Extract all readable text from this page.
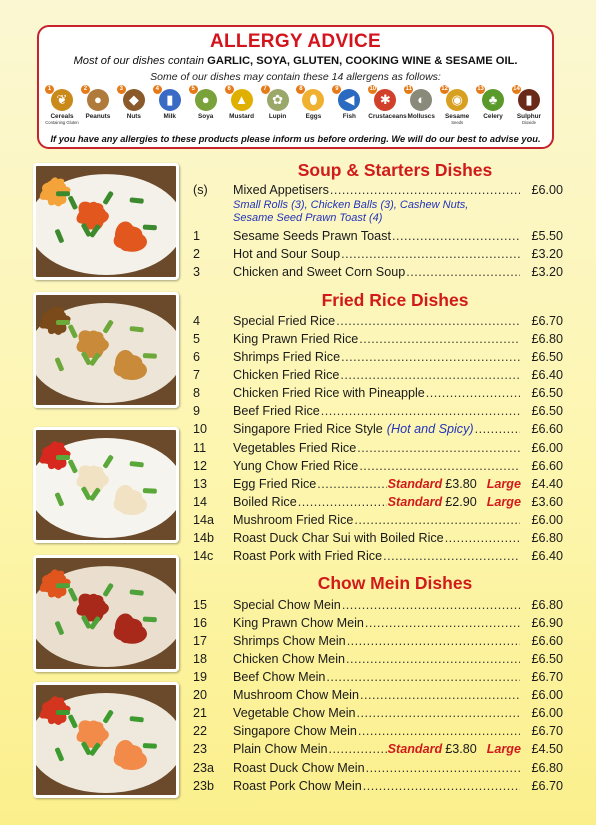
ALLERGY ADVICE
Most of our dishes contain GARLIC, SOYA, GLUTEN, COOKING WINE & SESAME OIL.
Some of our dishes may contain these 14 allergens as follows:
1
❦
Cereals
Containing Gluten
2
●
Peanuts
3
◆
Nuts
4
▮
Milk
5
●
Soya
6
▲
Mustard
7
✿
Lupin
8
⬮
Eggs
9
◀
Fish
10
✱
Crustaceans
11
◐
Molluscs
12
◉
Sesame
Seeds
13
♣
Celery
14
▮
Sulphur
Dioxide
If you have any allergies to these products please inform us before ordering. We will do our best to advise you.
Soup & Starters Dishes
Fried Rice Dishes
Chow Mein Dishes
Small Rolls (3), Chicken Balls (3), Cashew Nuts,
Sesame Seed Prawn Toast (4)
(s)	Mixed Appetisers .....	£6.00
1	Sesame Seeds Prawn Toast .....	£5.50
2	Hot and Sour Soup .....	£3.20
3	Chicken and Sweet Corn Soup .....	£3.20
4	Special Fried Rice .....	£6.70
5	King Prawn Fried Rice .....	£6.80
6	Shrimps Fried Rice .....	£6.50
7	Chicken Fried Rice .....	£6.40
8	Chicken Fried Rice with Pineapple .....	£6.50
9	Beef Fried Rice .....	£6.50
10	Singapore Fried Rice Style (Hot and Spicy) .....	£6.60
11	Vegetables Fried Rice .....	£6.00
12	Yung Chow Fried Rice .....	£6.60
13	Egg Fried Rice .....	Standard £3.80 Large £4.40
14	Boiled Rice .....	Standard £2.90 Large £3.60
14a	Mushroom Fried Rice .....	£6.00
14b	Roast Duck Char Sui with Boiled Rice .....	£6.80
14c	Roast Pork with Fried Rice .....	£6.40
15	Special Chow Mein .....	£6.80
16	King Prawn Chow Mein .....	£6.90
17	Shrimps Chow Mein .....	£6.60
18	Chicken Chow Mein .....	£6.50
19	Beef Chow Mein .....	£6.70
20	Mushroom Chow Mein .....	£6.00
21	Vegetable Chow Mein .....	£6.00
22	Singapore Chow Mein .....	£6.70
23	Plain Chow Mein .....	Standard £3.80 Large £4.50
23a	Roast Duck Chow Mein .....	£6.80
23b	Roast Pork Chow Mein .....	£6.70
